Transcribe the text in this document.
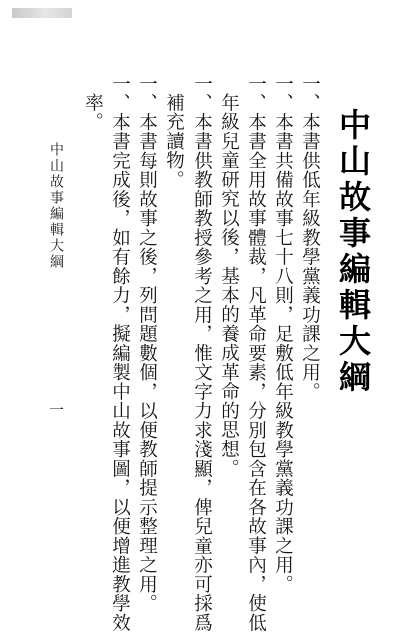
中山故事編輯大綱

一、本書供低年級教學黨義功課之用。

一、本書共備故事七十八則，足敷低年級教學黨義功課之用。

一、本書全用故事體裁，凡革命要素，分別包含在各故事內，使低

年級兒童研究以後，基本的養成革命的思想。

一、本書供教師教授參考之用，惟文字力求淺顯，俾兒童亦可採爲

補充讀物。

一、本書每則故事之後，列問題數個，以便教師提示整理之用。

一、本書完成後，如有餘力，擬編製中山故事圖，以便增進教學效

率。

中山故事編輯大綱

一
